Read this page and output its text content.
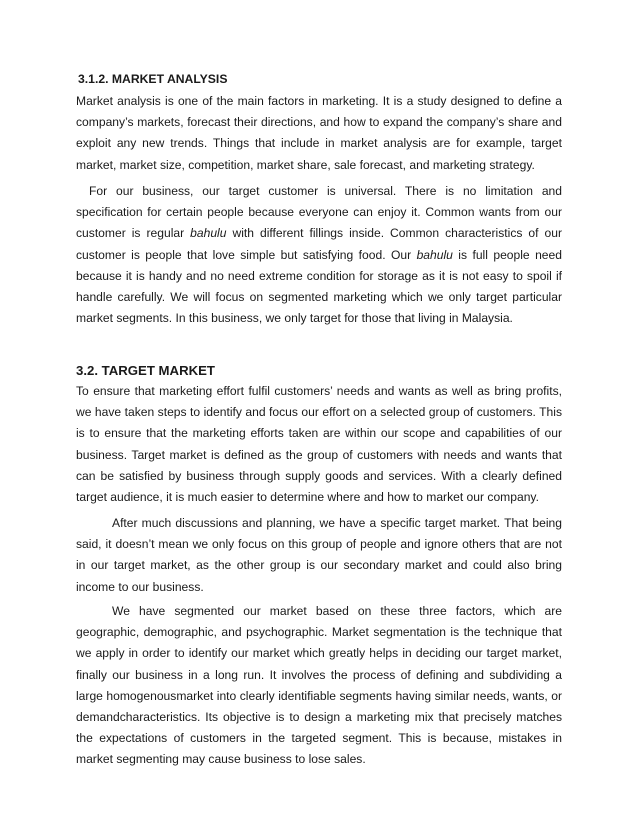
3.1.2. MARKET ANALYSIS

Market analysis is one of the main factors in marketing. It is a study designed to define a company’s markets, forecast their directions, and how to expand the company’s share and exploit any new trends. Things that include in market analysis are for example, target market, market size, competition, market share, sale forecast, and marketing strategy.

For our business, our target customer is universal. There is no limitation and specification for certain people because everyone can enjoy it. Common wants from our customer is regular bahulu with different fillings inside. Common characteristics of our customer is people that love simple but satisfying food. Our bahulu is full people need because it is handy and no need extreme condition for storage as it is not easy to spoil if handle carefully. We will focus on segmented marketing which we only target particular market segments. In this business, we only target for those that living in Malaysia.

3.2. TARGET MARKET

To ensure that marketing effort fulfil customers’ needs and wants as well as bring profits, we have taken steps to identify and focus our effort on a selected group of customers. This is to ensure that the marketing efforts taken are within our scope and capabilities of our business. Target market is defined as the group of customers with needs and wants that can be satisfied by business through supply goods and services. With a clearly defined target audience, it is much easier to determine where and how to market our company.

After much discussions and planning, we have a specific target market. That being said, it doesn’t mean we only focus on this group of people and ignore others that are not in our target market, as the other group is our secondary market and could also bring income to our business.

We have segmented our market based on these three factors, which are geographic, demographic, and psychographic. Market segmentation is the technique that we apply in order to identify our market which greatly helps in deciding our target market, finally our business in a long run. It involves the process of defining and subdividing a large homogenousmarket into clearly identifiable segments having similar needs, wants, or demandcharacteristics. Its objective is to design a marketing mix that precisely matches the expectations of customers in the targeted segment. This is because, mistakes in market segmenting may cause business to lose sales.
